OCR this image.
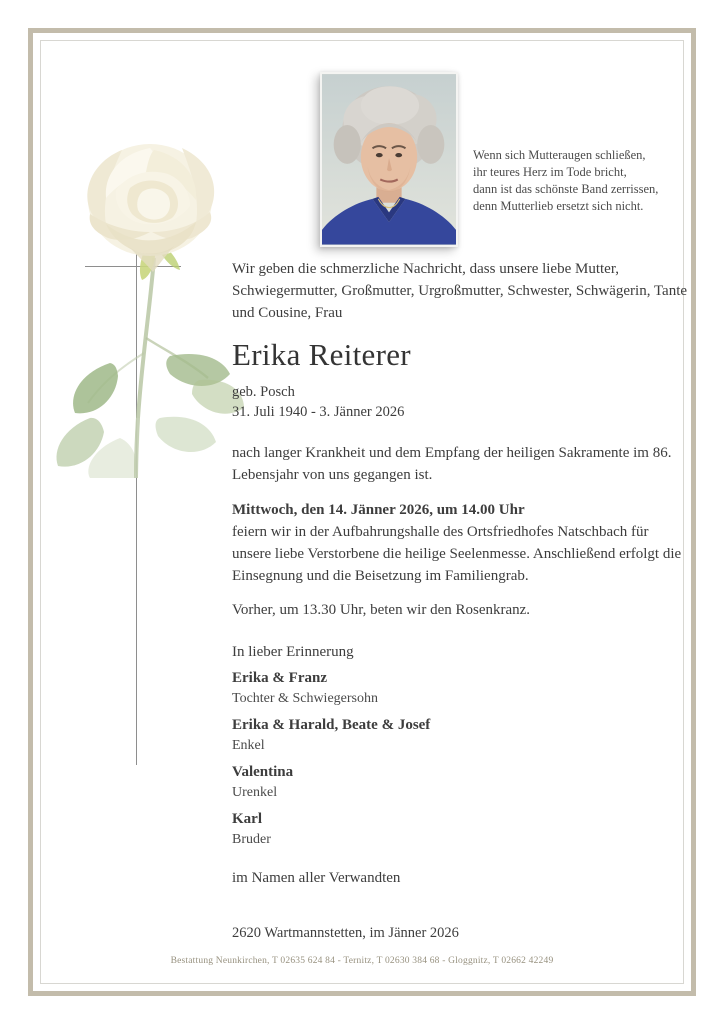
Wenn sich Mutteraugen schließen,
ihr teures Herz im Tode bricht,
dann ist das schönste Band zerrissen,
denn Mutterlieb ersetzt sich nicht.

Wir geben die schmerzliche Nachricht, dass unsere liebe Mutter, Schwiegermutter, Großmutter, Urgroßmutter, Schwester, Schwägerin, Tante und Cousine, Frau

Erika Reiterer
geb. Posch
31. Juli 1940 - 3. Jänner 2026

nach langer Krankheit und dem Empfang der heiligen Sakramente im 86. Lebensjahr von uns gegangen ist.

Mittwoch, den 14. Jänner 2026, um 14.00 Uhr

feiern wir in der Aufbahrungshalle des Ortsfriedhofes Natschbach für unsere liebe Verstorbene die heilige Seelenmesse. Anschließend erfolgt die Einsegnung und die Beisetzung im Familiengrab.

Vorher, um 13.30 Uhr, beten wir den Rosenkranz.

In lieber Erinnerung

Erika & Franz
Tochter & Schwiegersohn
Erika & Harald, Beate & Josef
Enkel
Valentina
Urenkel
Karl
Bruder

im Namen aller Verwandten

2620 Wartmannstetten, im Jänner 2026

Bestattung Neunkirchen, T 02635 624 84 - Ternitz, T 02630 384 68 - Gloggnitz, T 02662 42249
